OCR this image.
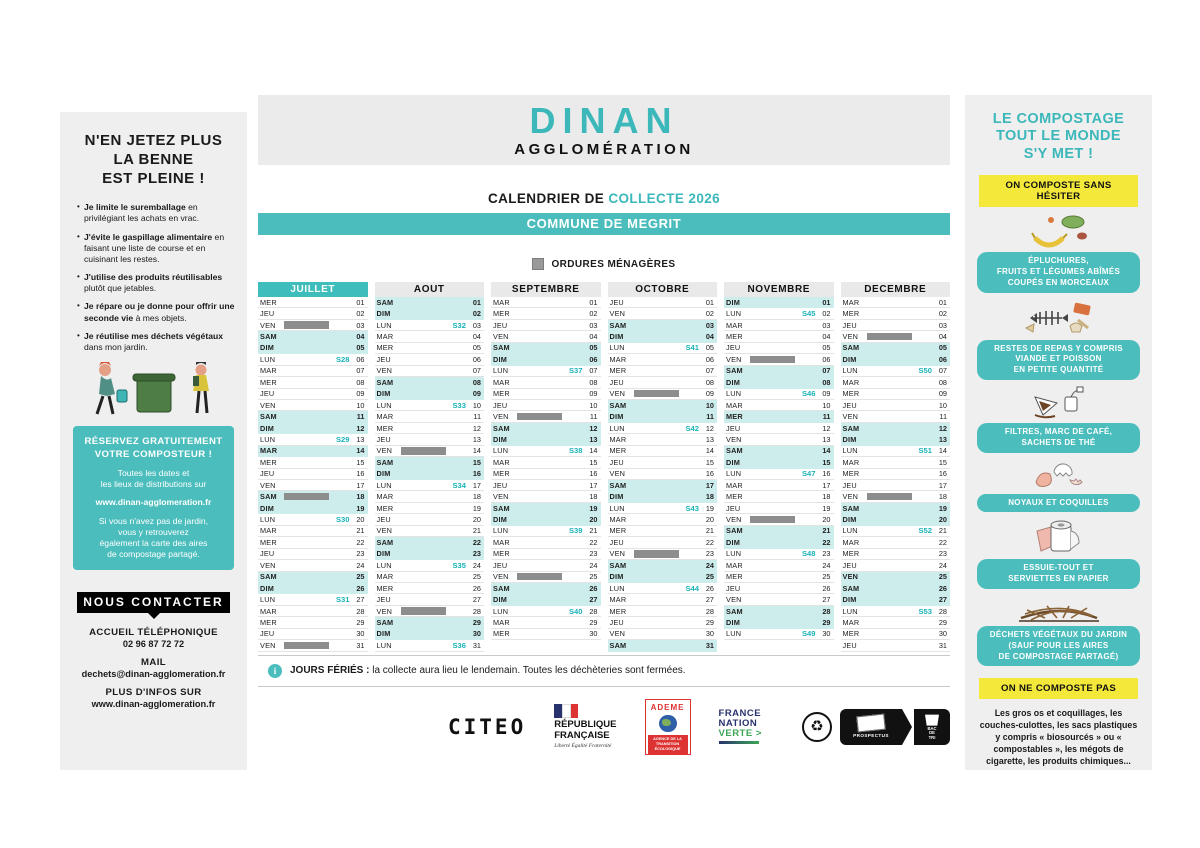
N'EN JETEZ PLUS
LA BENNE
EST PLEINE !
• Je limite le suremballage en privilégiant les achats en vrac.
• J'évite le gaspillage alimentaire en faisant une liste de course et en cuisinant les restes.
• J'utilise des produits réutilisables plutôt que jetables.
• Je répare ou je donne pour offrir une seconde vie à mes objets.
• Je réutilise mes déchets végétaux dans mon jardin.
RÉSERVEZ GRATUITEMENT
VOTRE COMPOSTEUR !

Toutes les dates et
les lieux de distributions sur

www.dinan-agglomeration.fr

Si vous n'avez pas de jardin,
vous y retrouverez
également la carte des aires
de compostage partagé.

NOUS CONTACTER
ACCUEIL TÉLÉPHONIQUE
02 96 87 72 72
MAIL
dechets@dinan-agglomeration.fr
PLUS D'INFOS SUR
www.dinan-agglomeration.fr
DINAN
AGGLOMÉRATION
CALENDRIER DE COLLECTE 2026
COMMUNE DE MEGRIT
ORDURES MÉNAGÈRES
JUILLET
MER	01
JEU	02
VEN	03
SAM	04
DIM	05
LUN	S28 06
MAR	07
MER	08
JEU	09
VEN	10
SAM	11
DIM	12
LUN	S29 13
MAR	14
MER	15
JEU	16
VEN	17
SAM	18
DIM	19
LUN	S30 20
MAR	21
MER	22
JEU	23
VEN	24
SAM	25
DIM	26
LUN	S31 27
MAR	28
MER	29
JEU	30
VEN	31
AOUT
SAM	01
DIM	02
LUN	S32 03
MAR	04
MER	05
JEU	06
VEN	07
SAM	08
DIM	09
LUN	S33 10
MAR	11
MER	12
JEU	13
VEN	14
SAM	15
DIM	16
LUN	S34 17
MAR	18
MER	19
JEU	20
VEN	21
SAM	22
DIM	23
LUN	S35 24
MAR	25
MER	26
JEU	27
VEN	28
SAM	29
DIM	30
LUN	S36 31
SEPTEMBRE
MAR	01
MER	02
JEU	03
VEN	04
SAM	05
DIM	06
LUN	S37 07
MAR	08
MER	09
JEU	10
VEN	11
SAM	12
DIM	13
LUN	S38 14
MAR	15
MER	16
JEU	17
VEN	18
SAM	19
DIM	20
LUN	S39 21
MAR	22
MER	23
JEU	24
VEN	25
SAM	26
DIM	27
LUN	S40 28
MAR	29
MER	30
OCTOBRE
JEU	01
VEN	02
SAM	03
DIM	04
LUN	S41 05
MAR	06
MER	07
JEU	08
VEN	09
SAM	10
DIM	11
LUN	S42 12
MAR	13
MER	14
JEU	15
VEN	16
SAM	17
DIM	18
LUN	S43 19
MAR	20
MER	21
JEU	22
VEN	23
SAM	24
DIM	25
LUN	S44 26
MAR	27
MER	28
JEU	29
VEN	30
SAM	31
NOVEMBRE
DIM	01
LUN	S45 02
MAR	03
MER	04
JEU	05
VEN	06
SAM	07
DIM	08
LUN	S46 09
MAR	10
MER	11
JEU	12
VEN	13
SAM	14
DIM	15
LUN	S47 16
MAR	17
MER	18
JEU	19
VEN	20
SAM	21
DIM	22
LUN	S48 23
MAR	24
MER	25
JEU	26
VEN	27
SAM	28
DIM	29
LUN	S49 30
DECEMBRE
MAR	01
MER	02
JEU	03
VEN	04
SAM	05
DIM	06
LUN	S50 07
MAR	08
MER	09
JEU	10
VEN	11
SAM	12
DIM	13
LUN	S51 14
MAR	15
MER	16
JEU	17
VEN	18
SAM	19
DIM	20
LUN	S52 21
MAR	22
MER	23
JEU	24
VEN	25
SAM	26
DIM	27
LUN	S53 28
MAR	29
MER	30
JEU	31
i	JOURS FÉRIÉS : la collecte aura lieu le lendemain. Toutes les déchèteries sont fermées.
CITEO	RÉPUBLIQUE
FRANÇAISE
Liberté Égalité Fraternité
ADEME
AGENCE DE LA TRANSITION ÉCOLOGIQUE
FRANCE
NATION
VERTE >	♻
PROSPECTUS
BAC
DE
TRI
LE COMPOSTAGE
TOUT LE MONDE
S'Y MET !
ON COMPOSTE SANS HÉSITER
ÉPLUCHURES,
FRUITS ET LÉGUMES ABÎMÉS
COUPÉS EN MORCEAUX
RESTES DE REPAS Y COMPRIS
VIANDE ET POISSON
EN PETITE QUANTITÉ
FILTRES, MARC DE CAFÉ,
SACHETS DE THÉ
NOYAUX ET COQUILLES
ESSUIE-TOUT ET
SERVIETTES EN PAPIER
DÉCHETS VÉGÉTAUX DU JARDIN
(SAUF POUR LES AIRES
DE COMPOSTAGE PARTAGÉ)
ON NE COMPOSTE PAS
Les gros os et coquillages, les couches-culottes, les sacs plastiques y compris « biosourcés » ou « compostables », les mégots de cigarette, les produits chimiques...
